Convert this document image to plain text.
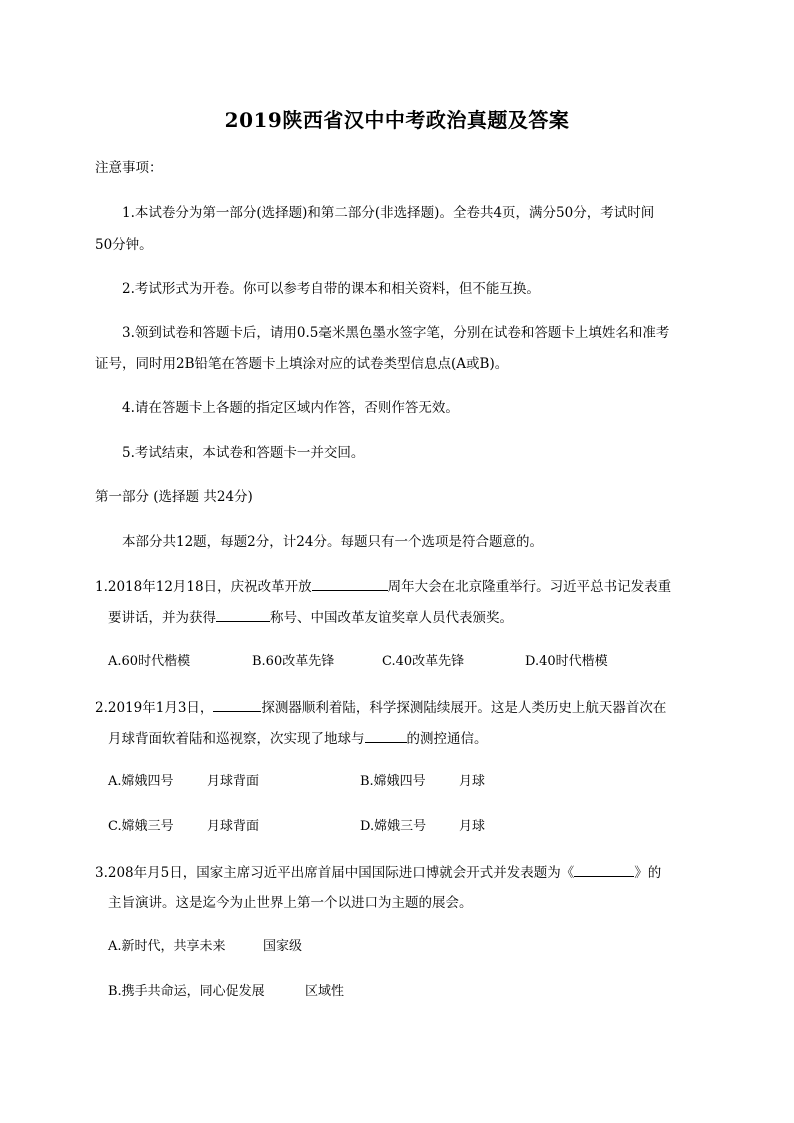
2019陕西省汉中中考政治真题及答案
注意事项：
1.本试卷分为第一部分(选择题)和第二部分(非选择题)。全卷共4页，满分50分，考试时间
50分钟。
2.考试形式为开卷。你可以参考自带的课本和相关资料，但不能互换。
3.领到试卷和答题卡后，请用0.5毫米黑色墨水签字笔，分别在试卷和答题卡上填姓名和准考
证号，同时用2B铅笔在答题卡上填涂对应的试卷类型信息点(A或B)。
4.请在答题卡上各题的指定区域内作答，否则作答无效。
5.考试结束，本试卷和答题卡一并交回。
第一部分 (选择题 共24分)
本部分共12题，每题2分，计24分。每题只有一个选项是符合题意的。
1.2018年12月18日，庆祝改革开放	周年大会在北京隆重举行。习近平总书记发表重
要讲话，并为获得	称号、中国改革友谊奖章人员代表颁奖。
A.60时代楷模	B.60改革先锋	C.40改革先锋	D.40时代楷模
2.2019年1月3日，	探测器顺利着陆，科学探测陆续展开。这是人类历史上航天器首次在
月球背面软着陆和巡视察，次实现了地球与	的测控通信。
A.嫦娥四号	月球背面	B.嫦娥四号	月球
C.嫦娥三号	月球背面	D.嫦娥三号	月球
3.208年月5日，国家主席习近平出席首届中国国际进口博就会开式并发表题为《	》的
主旨演讲。这是迄今为止世界上第一个以进口为主题的展会。
A.新时代，共享未来	国家级
B.携手共命运，同心促发展	区域性
